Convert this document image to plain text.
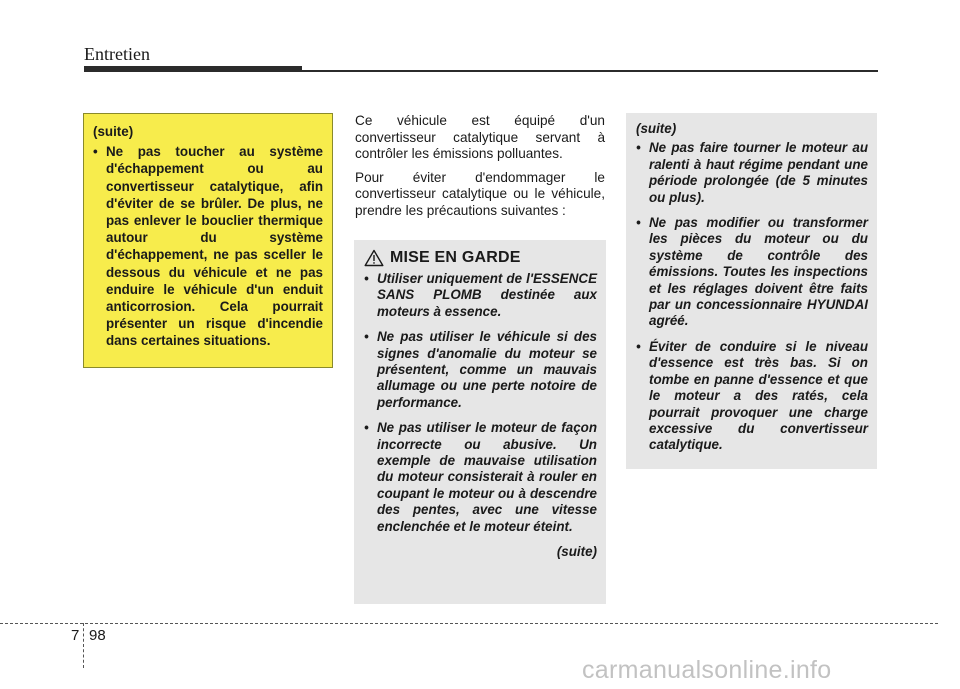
Entretien
(suite)
• Ne pas toucher au système d'échappement ou au convertisseur catalytique, afin d'éviter de se brûler. De plus, ne pas enlever le bouclier thermique autour du système d'échappement, ne pas sceller le dessous du véhicule et ne pas enduire le véhicule d'un enduit anticorrosion. Cela pourrait présenter un risque d'incendie dans certaines situations.

Ce véhicule est équipé d'un convertisseur catalytique servant à contrôler les émissions polluantes.

Pour éviter d'endommager le convertisseur catalytique ou le véhicule, prendre les précautions suivantes :

MISE EN GARDE
• Utiliser uniquement de l'ESSENCE SANS PLOMB destinée aux moteurs à essence.
• Ne pas utiliser le véhicule si des signes d'anomalie du moteur se présentent, comme un mauvais allumage ou une perte notoire de performance.
• Ne pas utiliser le moteur de façon incorrecte ou abusive. Un exemple de mauvaise utilisation du moteur consisterait à rouler en coupant le moteur ou à descendre des pentes, avec une vitesse enclenchée et le moteur éteint.
(suite)
(suite)
• Ne pas faire tourner le moteur au ralenti à haut régime pendant une période prolongée (de 5 minutes ou plus).
• Ne pas modifier ou transformer les pièces du moteur ou du système de contrôle des émissions. Toutes les inspections et les réglages doivent être faits par un concessionnaire HYUNDAI agréé.
• Éviter de conduire si le niveau d'essence est très bas. Si on tombe en panne d'essence et que le moteur a des ratés, cela pourrait provoquer une charge excessive du convertisseur catalytique.
7 98
carmanualsonline.info
